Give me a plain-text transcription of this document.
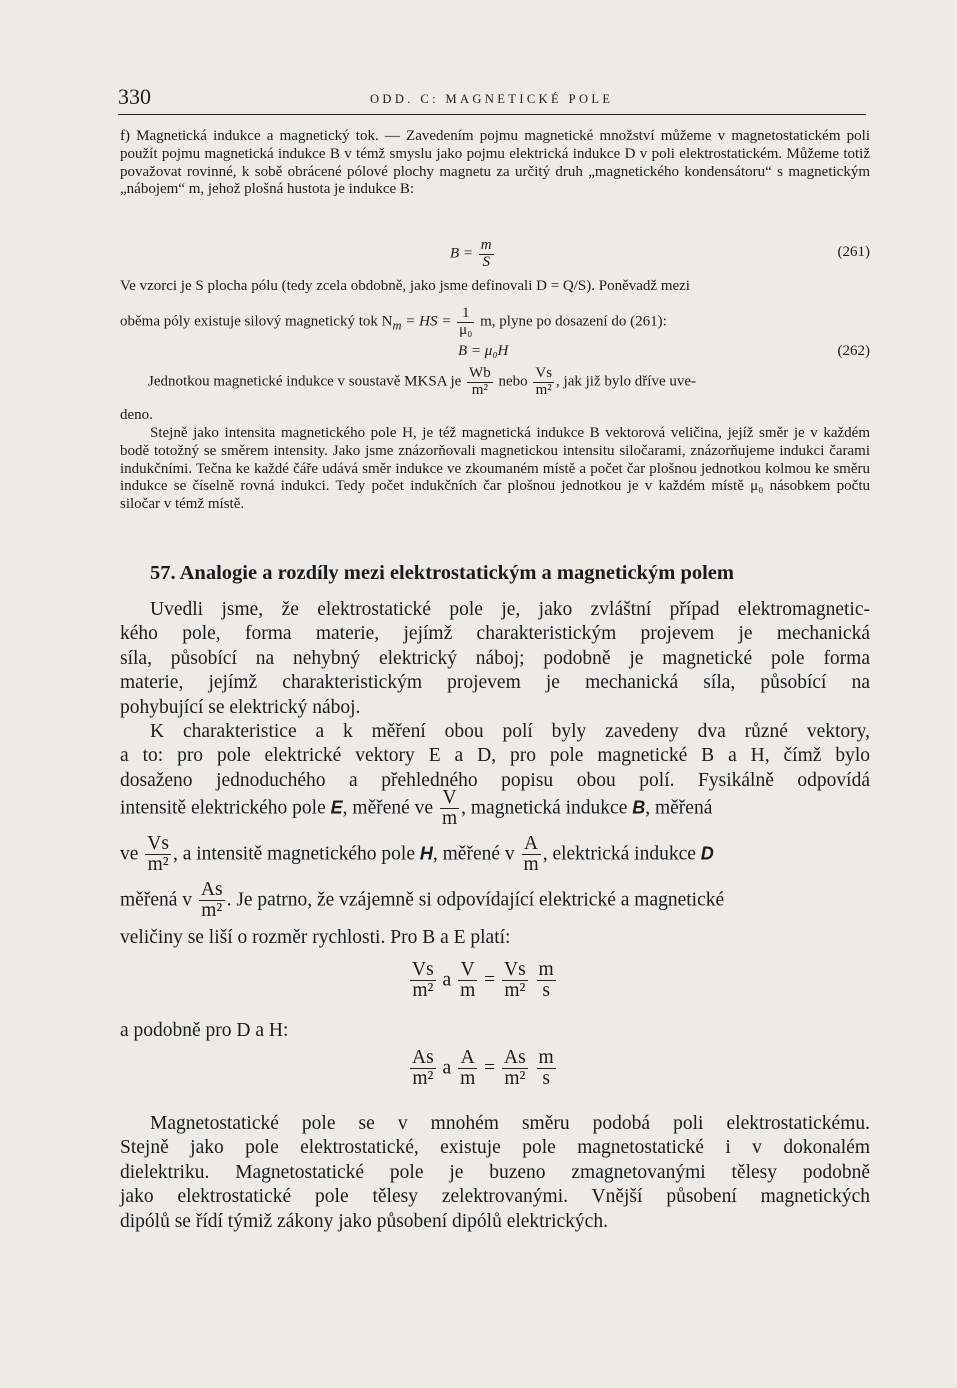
330	ODD. C: MAGNETICKÉ POLE

f) Magnetická indukce a magnetický tok. — Zavedením pojmu magnetické množství můžeme v magnetostatickém poli použít pojmu magnetická indukce B v témž smyslu jako pojmu elektrická indukce D v poli elektrostatickém. Můžeme totiž považovat rovinné, k sobě obrácené pólové plochy magnetu za určitý druh „magnetického kondensátoru“ s magnetickým „nábojem“ m, jehož plošná hustota je indukce B:

$B = \frac{m}{S}$	(261)

Ve vzorci je S plocha pólu (tedy zcela obdobně, jako jsme definovali D = Q/S). Poněvadž mezi

oběma póly existuje silový magnetický tok $N_m$ = HS = $\frac{1}{\text{μ₀}} m$, plyne po dosazení do (261):
B = μ₀H	(262)
Jednotkou magnetické indukce v soustavě MKSA je $\frac{Wb}{\text{m²}}$ nebo $\frac{Vs}{\text{m²}}$ , jak již bylo dříve uve-

deno.

Stejně jako intensita magnetického pole H, je též magnetická indukce B vektorová veličina, jejíž směr je v každém bodě totožný se směrem intensity. Jako jsme znázorňovali magnetickou intensitu siločarami, znázorňujeme indukci čarami indukčními. Tečna ke každé čáře udává směr indukce ve zkoumaném místě a počet čar plošnou jednotkou kolmou ke směru indukce se číselně rovná indukci. Tedy počet indukčních čar plošnou jednotkou je v každém místě μ₀ násobkem počtu siločar v témž místě.

57. Analogie a rozdíly mezi elektrostatickým a magnetickým polem
Uvedli jsme, že elektrostatické pole je, jako zvláštní případ elektromagnetic-
kého pole, forma materie, jejímž charakteristickým projevem je mechanická
síla, působící na nehybný elektrický náboj; podobně je magnetické pole forma
materie, jejímž charakteristickým projevem je mechanická síla, působící na
pohybující se elektrický náboj.
K charakteristice a k měření obou polí byly zavedeny dva různé vektory,
a to: pro pole elektrické vektory E a D, pro pole magnetické B a H, čímž bylo
dosaženo jednoduchého a přehledného popisu obou polí. Fysikálně odpovídá
intensitě elektrického pole E, měřené ve $\frac{V}{m}$ , magnetická indukce B, měřená
ve $\frac{Vs}{\text{m²}}$ , a intensitě magnetického pole H, měřené v $\frac{A}{m}$ , elektrická indukce D
měřená v $\frac{As}{\text{m²}}$ . Je patrno, že vzájemně si odpovídající elektrické a magnetické
veličiny se liší o rozměr rychlosti. Pro B a E platí:
$\frac{Vs}{\text{m²}}$ a $\frac{V}{m} = \frac{Vs}{\text{m²}}$
$\frac{m}{s}$
a podobně pro D a H:
$\frac{As}{\text{m²}}$ a $\frac{A}{m} = \frac{As}{\text{m²}}$
$\frac{m}{s}$
Magnetostatické pole se v mnohém směru podobá poli elektrostatickému.
Stejně jako pole elektrostatické, existuje pole magnetostatické i v dokonalém
dielektriku. Magnetostatické pole je buzeno zmagnetovanými tělesy podobně
jako elektrostatické pole tělesy zelektrovanými. Vnější působení magnetických
dipólů se řídí týmiž zákony jako působení dipólů elektrických.
